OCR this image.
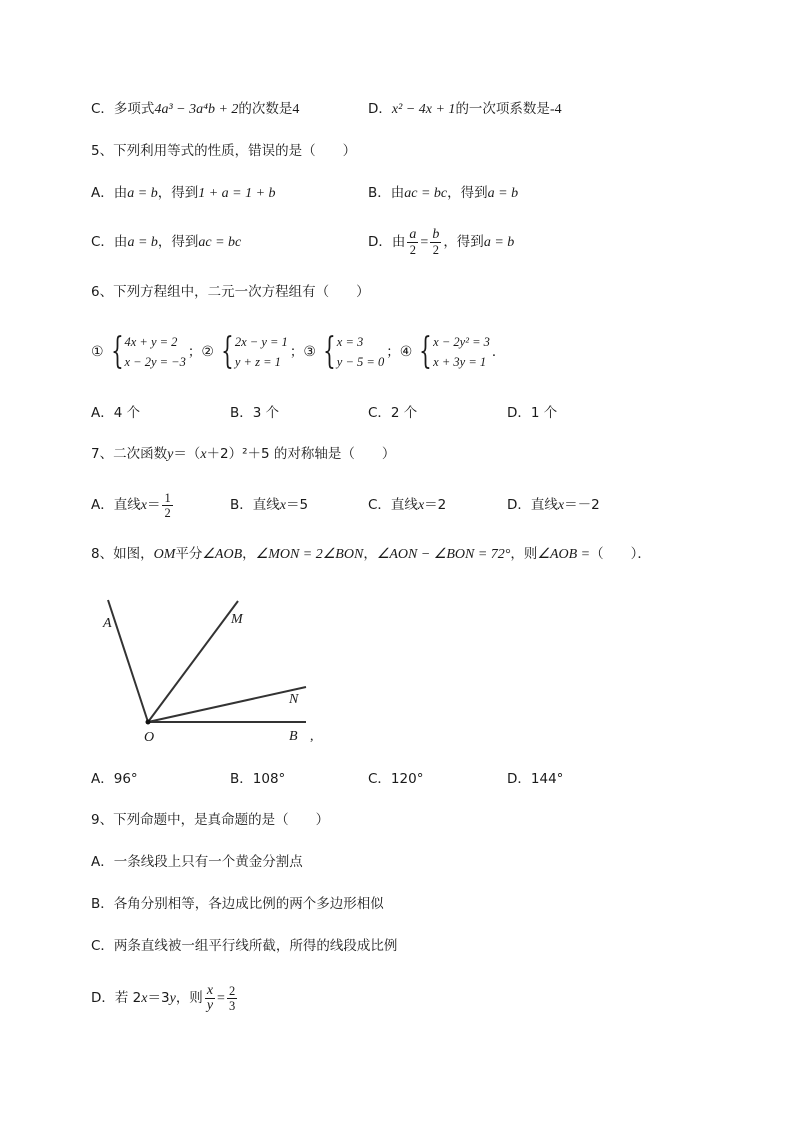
C．多项式4a³ − 3a⁴b + 2的次数是4	D．x² − 4x + 1的一次项系数是-4
5、下列利用等式的性质，错误的是（　　）
A．由a = b，得到1 + a = 1 + b	B．由ac = bc，得到a = b
C．由a = b，得到ac = bc	D．由 $\frac{a}{2} = \frac{b}{2}$ ，得到a = b
6、下列方程组中，二元一次方程组有（　　）
① { 4x + y = 2
x − 2y = −3
；② { 2x − y = 1
y + z = 1
；③ { x = 3
y − 5 = 0
；④ { x − 2y² = 3
x + 3y = 1
．
A．4 个	B．3 个	C．2 个	D．1 个
7、二次函数y＝（x＋2）²＋5 的对称轴是（　　）
A．直线$x= \frac{1}{2}$	B．直线x＝5	C．直线x＝2	D．直线x＝－2
8、如图，OM平分∠AOB，∠MON = 2∠BON，∠AON − ∠BON = 72°，则∠AOB =（　　）．
A	M
N
O	B ,
A．96°	B．108°	C．120°	D．144°
9、下列命题中，是真命题的是（　　）
A．一条线段上只有一个黄金分割点
B．各角分别相等，各边成比例的两个多边形相似
C．两条直线被一组平行线所截，所得的线段成比例
D．若 2x＝3y，则 $\frac{x}{y} = \frac{2}{3}$
